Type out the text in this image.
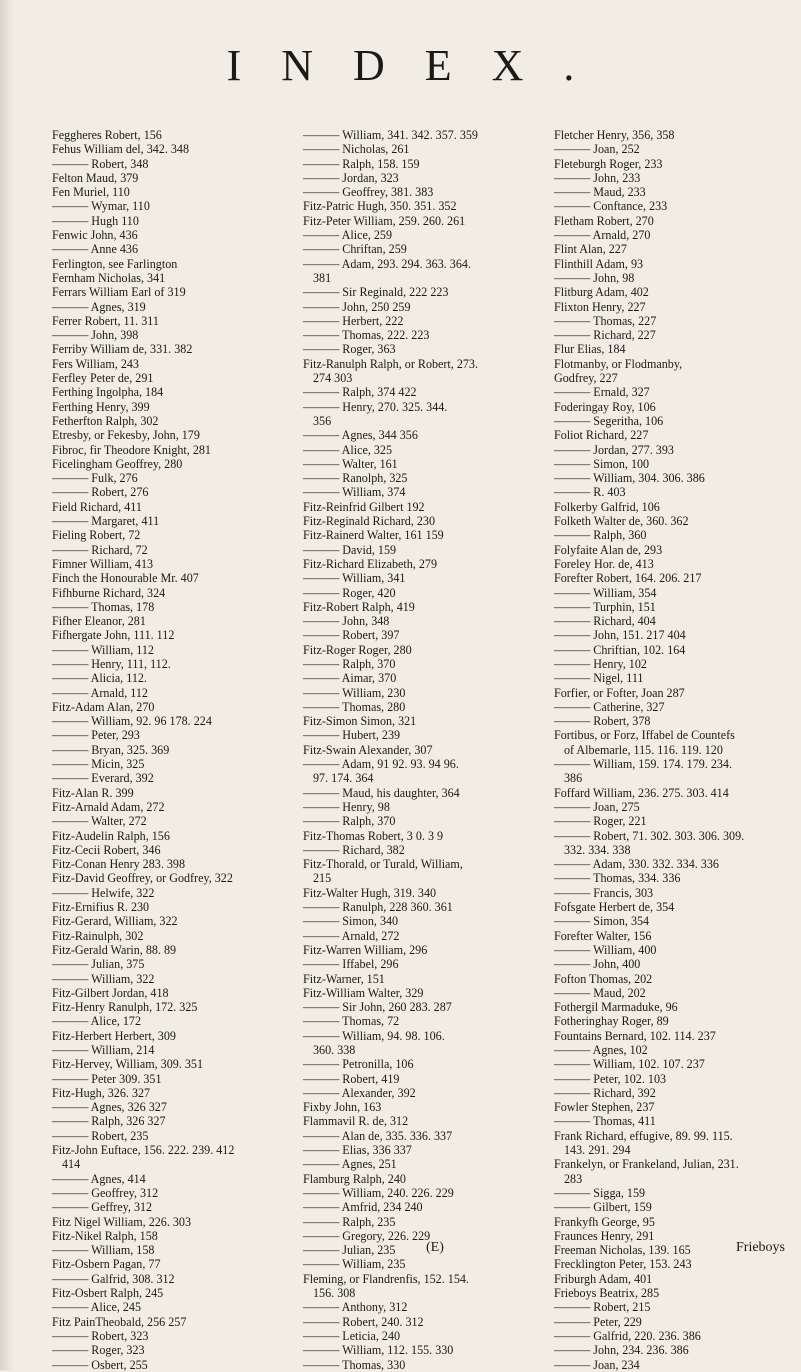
INDEX.
Feggheres Robert, 156
Fehus William del, 342. 348
——— Robert, 348
Felton Maud, 379
Fen Muriel, 110
——— Wymar, 110
——— Hugh 110
Fenwic John, 436
——— Anne 436
Ferlington, see Farlington
Fernham Nicholas, 341
Ferrars William Earl of 319
——— Agnes, 319
Ferrer Robert, 11. 311
——— John, 398
Ferriby William de, 331. 382
Fers William, 243
Ferfley Peter de, 291
Ferthing Ingolpha, 184
Ferthing Henry, 399
Fetherfton Ralph, 302
Etresby, or Fekesby, John, 179
Fibroc, fir Theodore Knight, 281
Ficelingham Geoffrey, 280
——— Fulk, 276
——— Robert, 276
Field Richard, 411
——— Margaret, 411
Fieling Robert, 72
——— Richard, 72
Fimner William, 413
Finch the Honourable Mr. 407
Fifhburne Richard, 324
——— Thomas, 178
Fifher Eleanor, 281
Fifhergate John, 111. 112
——— William, 112
——— Henry, 111, 112.
——— Alicia, 112.
——— Arnald, 112
Fitz-Adam Alan, 270
——— William, 92. 96 178. 224
——— Peter, 293
——— Bryan, 325. 369
——— Micin, 325
——— Everard, 392
Fitz-Alan R. 399
Fitz-Arnald Adam, 272
——— Walter, 272
Fitz-Audelin Ralph, 156
Fitz-Cecii Robert, 346
Fitz-Conan Henry 283. 398
Fitz-David Geoffrey, or Godfrey, 322
——— Helwife, 322
Fitz-Ernifius R. 230
Fitz-Gerard, William, 322
Fitz-Rainulph, 302
Fitz-Gerald Warin, 88. 89
——— Julian, 375
——— William, 322
Fitz-Gilbert Jordan, 418
Fitz-Henry Ranulph, 172. 325
——— Alice, 172
Fitz-Herbert Herbert, 309
——— William, 214
Fitz-Hervey, William, 309. 351
——— Peter 309. 351
Fitz-Hugh, 326. 327
——— Agnes, 326 327
——— Ralph, 326 327
——— Robert, 235
Fitz-John Euftace, 156. 222. 239. 412
414
——— Agnes, 414
——— Geoffrey, 312
——— Geffrey, 312
Fitz Nigel William, 226. 303
Fitz-Nikel Ralph, 158
——— William, 158
Fitz-Osbern Pagan, 77
——— Galfrid, 308. 312
Fitz-Osbert Ralph, 245
——— Alice, 245
Fitz PainTheobald, 256 257
——— Robert, 323
——— Roger, 323
——— Osbert, 255
——— William, 341. 342. 357. 359
——— Nicholas, 261
——— Ralph, 158. 159
——— Jordan, 323
——— Geoffrey, 381. 383
Fitz-Patric Hugh, 350. 351. 352
Fitz-Peter William, 259. 260. 261
——— Alice, 259
——— Chriftan, 259
——— Adam, 293. 294. 363. 364.
381
——— Sir Reginald, 222 223
——— John, 250 259
——— Herbert, 222
——— Thomas, 222. 223
——— Roger, 363
Fitz-Ranulph Ralph, or Robert, 273.
274 303
——— Ralph, 374 422
——— Henry, 270. 325. 344.
356
——— Agnes, 344 356
——— Alice, 325
——— Walter, 161
——— Ranolph, 325
——— William, 374
Fitz-Reinfrid Gilbert 192
Fitz-Reginald Richard, 230
Fitz-Rainerd Walter, 161 159
——— David, 159
Fitz-Richard Elizabeth, 279
——— William, 341
——— Roger, 420
Fitz-Robert Ralph, 419
——— John, 348
——— Robert, 397
Fitz-Roger Roger, 280
——— Ralph, 370
——— Aimar, 370
——— William, 230
——— Thomas, 280
Fitz-Simon Simon, 321
——— Hubert, 239
Fitz-Swain Alexander, 307
——— Adam, 91 92. 93. 94 96.
97. 174. 364
——— Maud, his daughter, 364
——— Henry, 98
——— Ralph, 370
Fitz-Thomas Robert, 3 0. 3 9
——— Richard, 382
Fitz-Thorald, or Turald, William,
215
Fitz-Walter Hugh, 319. 340
——— Ranulph, 228 360. 361
——— Simon, 340
——— Arnald, 272
Fitz-Warren William, 296
——— Iffabel, 296
Fitz-Warner, 151
Fitz-William Walter, 329
——— Sir John, 260 283. 287
——— Thomas, 72
——— William, 94. 98. 106.
360. 338
——— Petronilla, 106
——— Robert, 419
——— Alexander, 392
Fixby John, 163
Flammavil R. de, 312
——— Alan de, 335. 336. 337
——— Elias, 336 337
——— Agnes, 251
Flamburg Ralph, 240
——— William, 240. 226. 229
——— Amfrid, 234 240
——— Ralph, 235
——— Gregory, 226. 229
——— Julian, 235
——— William, 235
Fleming, or Flandrenfis, 152. 154.
156. 308
——— Anthony, 312
——— Robert, 240. 312
——— Leticia, 240
——— William, 112. 155. 330
——— Thomas, 330
Fletcher Henry, 356, 358
——— Joan, 252
Fleteburgh Roger, 233
——— John, 233
——— Maud, 233
——— Conftance, 233
Fletham Robert, 270
——— Arnald, 270
Flint Alan, 227
Flinthill Adam, 93
——— John, 98
Flitburg Adam, 402
Flixton Henry, 227
——— Thomas, 227
——— Richard, 227
Flur Elias, 184
Flotmanby, or Flodmanby,
Godfrey, 227
——— Ernald, 327
Foderingay Roy, 106
——— Segeritha, 106
Foliot Richard, 227
——— Jordan, 277. 393
——— Simon, 100
——— William, 304. 306. 386
——— R. 403
Folkerby Galfrid, 106
Folketh Walter de, 360. 362
——— Ralph, 360
Folyfaite Alan de, 293
Foreley Hor. de, 413
Forefter Robert, 164. 206. 217
——— William, 354
——— Turphin, 151
——— Richard, 404
——— John, 151. 217 404
——— Chriftian, 102. 164
——— Henry, 102
——— Nigel, 111
Forfier, or Fofter, Joan 287
——— Catherine, 327
——— Robert, 378
Fortibus, or Forz, Iffabel de Countefs
of Albemarle, 115. 116. 119. 120
——— William, 159. 174. 179. 234.
386
Foffard William, 236. 275. 303. 414
——— Joan, 275
——— Roger, 221
——— Robert, 71. 302. 303. 306. 309.
332. 334. 338
——— Adam, 330. 332. 334. 336
——— Thomas, 334. 336
——— Francis, 303
Fofsgate Herbert de, 354
——— Simon, 354
Forefter Walter, 156
——— William, 400
——— John, 400
Fofton Thomas, 202
——— Maud, 202
Fothergil Marmaduke, 96
Fotheringhay Roger, 89
Fountains Bernard, 102. 114. 237
——— Agnes, 102
——— William, 102. 107. 237
——— Peter, 102. 103
——— Richard, 392
Fowler Stephen, 237
——— Thomas, 411
Frank Richard, effugive, 89. 99. 115.
143. 291. 294
Frankelyn, or Frankeland, Julian, 231.
283
——— Sigga, 159
——— Gilbert, 159
Frankyfh George, 95
Fraunces Henry, 291
Freeman Nicholas, 139. 165
Frecklington Peter, 153. 243
Friburgh Adam, 401
Frieboys Beatrix, 285
——— Robert, 215
——— Peter, 229
——— Galfrid, 220. 236. 386
——— John, 234. 236. 386
——— Joan, 234
(E)	Frieboys
